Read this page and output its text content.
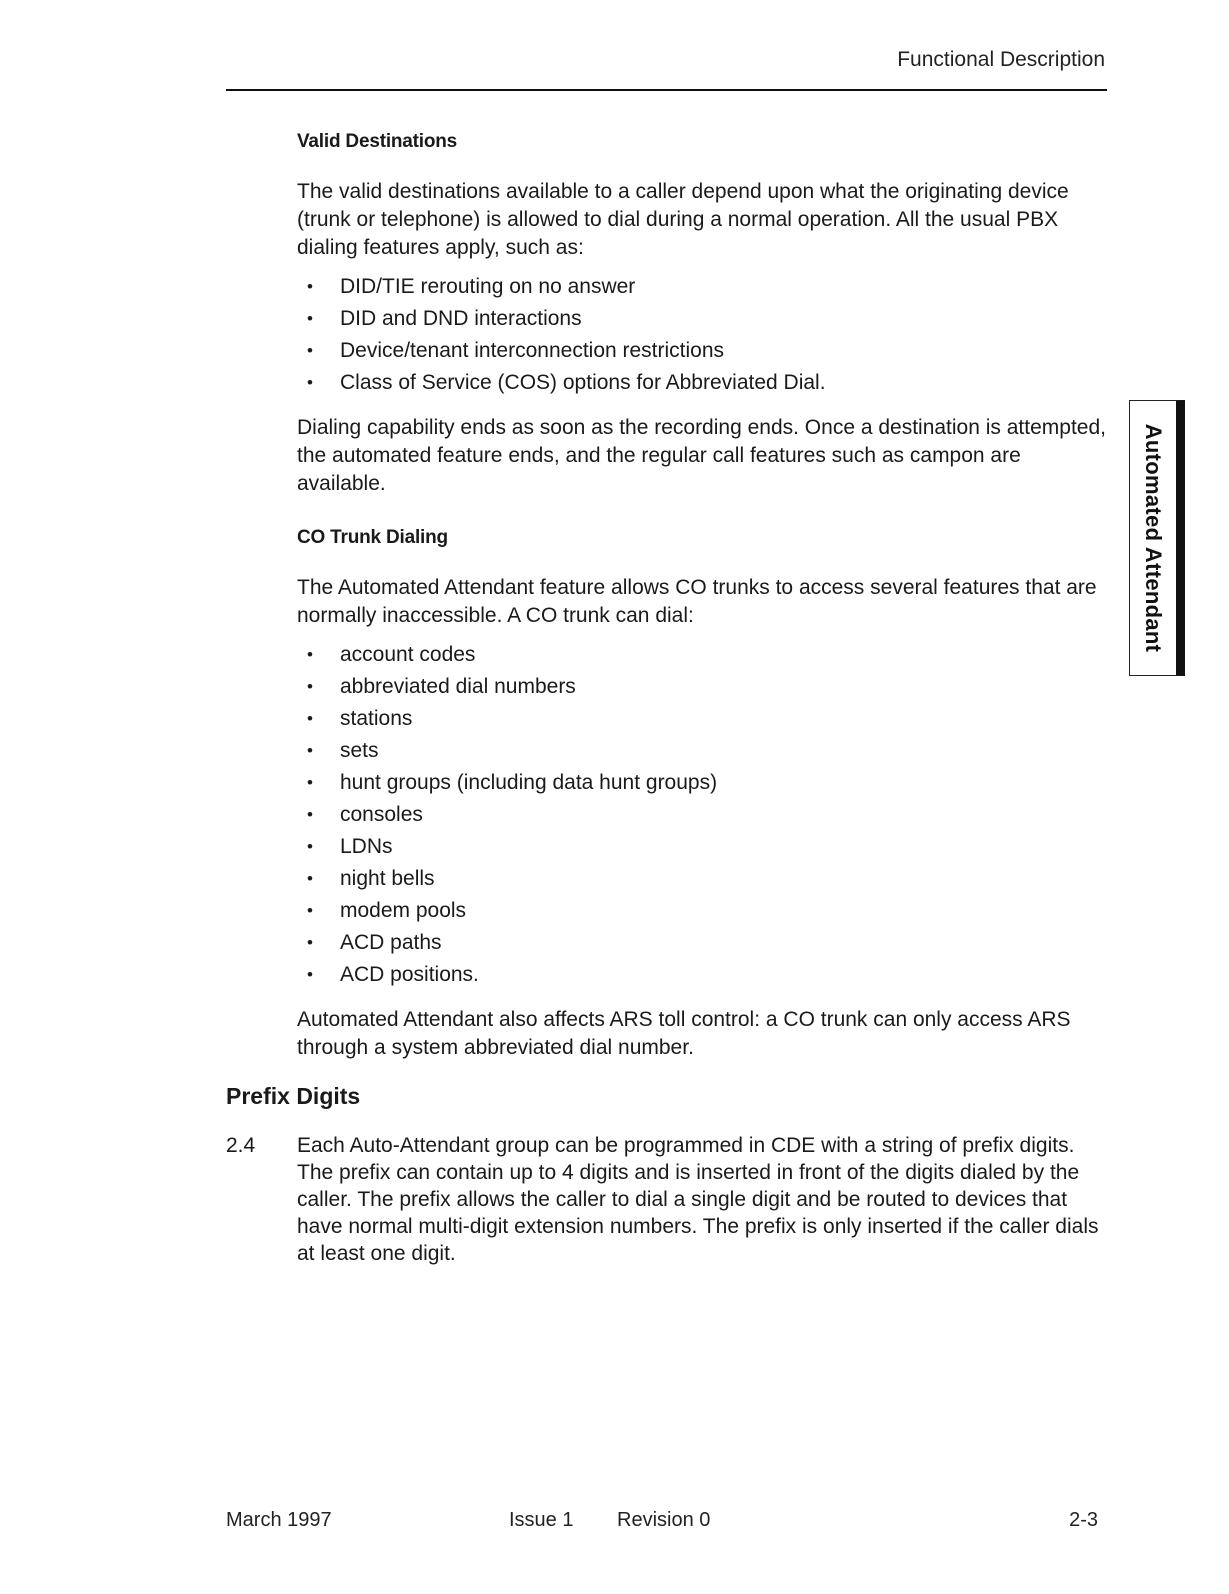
Functional Description
Automated Attendant
Valid Destinations

The valid destinations available to a caller depend upon what the originating device (trunk or telephone) is allowed to dial during a normal operation. All the usual PBX dialing features apply, such as:

• DID/TIE rerouting on no answer
• DID and DND interactions
• Device/tenant interconnection restrictions
• Class of Service (COS) options for Abbreviated Dial.

Dialing capability ends as soon as the recording ends. Once a destination is attempted, the automated feature ends, and the regular call features such as campon are available.

CO Trunk Dialing

The Automated Attendant feature allows CO trunks to access several features that are normally inaccessible. A CO trunk can dial:

• account codes
• abbreviated dial numbers
• stations
• sets
• hunt groups (including data hunt groups)
• consoles
• LDNs
• night bells
• modem pools
• ACD paths
• ACD positions.

Automated Attendant also affects ARS toll control: a CO trunk can only access ARS through a system abbreviated dial number.

Prefix Digits
2.4 Each Auto-Attendant group can be programmed in CDE with a string of prefix digits. The prefix can contain up to 4 digits and is inserted in front of the digits dialed by the caller. The prefix allows the caller to dial a single digit and be routed to devices that have normal multi-digit extension numbers. The prefix is only inserted if the caller dials at least one digit.
March 1997	Issue 1 Revision 0	2-3
